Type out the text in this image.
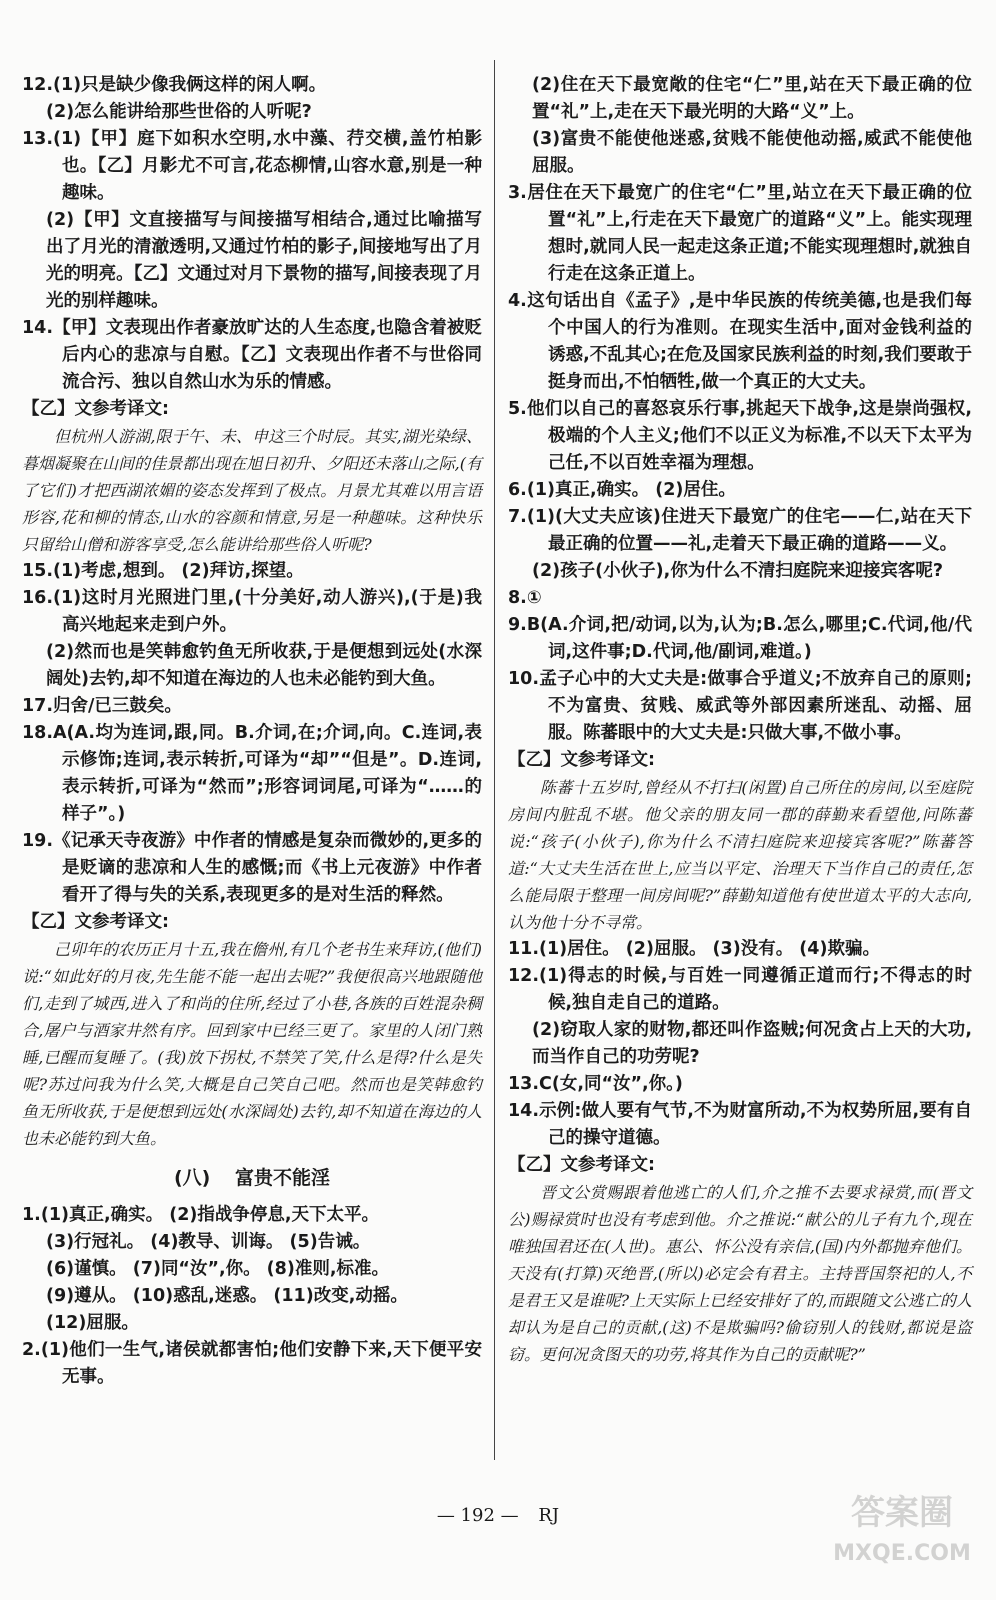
12.(1)只是缺少像我俩这样的闲人啊。

(2)怎么能讲给那些世俗的人听呢?

13.(1)【甲】庭下如积水空明,水中藻、荇交横,盖竹柏影也。【乙】月影尤不可言,花态柳情,山容水意,别是一种趣味。

(2)【甲】文直接描写与间接描写相结合,通过比喻描写出了月光的清澈透明,又通过竹柏的影子,间接地写出了月光的明亮。【乙】文通过对月下景物的描写,间接表现了月光的别样趣味。

14.【甲】文表现出作者豪放旷达的人生态度,也隐含着被贬后内心的悲凉与自慰。【乙】文表现出作者不与世俗同流合污、独以自然山水为乐的情感。

【乙】文参考译文:

但杭州人游湖,限于午、未、申这三个时辰。其实,湖光染绿、暮烟凝聚在山间的佳景都出现在旭日初升、夕阳还未落山之际,(有了它们)才把西湖浓媚的姿态发挥到了极点。月景尤其难以用言语形容,花和柳的情态,山水的容颜和情意,另是一种趣味。这种快乐只留给山僧和游客享受,怎么能讲给那些俗人听呢?

15.(1)考虑,想到。 (2)拜访,探望。

16.(1)这时月光照进门里,(十分美好,动人游兴),(于是)我高兴地起来走到户外。

(2)然而也是笑韩愈钓鱼无所收获,于是便想到远处(水深阔处)去钓,却不知道在海边的人也未必能钓到大鱼。

17.归舍/已三鼓矣。

18.A(A.均为连词,跟,同。B.介词,在;介词,向。C.连词,表示修饰;连词,表示转折,可译为“却”“但是”。D.连词,表示转折,可译为“然而”;形容词词尾,可译为“……的样子”。)

19.《记承天寺夜游》中作者的情感是复杂而微妙的,更多的是贬谪的悲凉和人生的感慨;而《书上元夜游》中作者看开了得与失的关系,表现更多的是对生活的释然。

【乙】文参考译文:

己卯年的农历正月十五,我在儋州,有几个老书生来拜访,(他们)说:“如此好的月夜,先生能不能一起出去呢?”我便很高兴地跟随他们,走到了城西,进入了和尚的住所,经过了小巷,各族的百姓混杂稠合,屠户与酒家井然有序。回到家中已经三更了。家里的人闭门熟睡,已醒而复睡了。(我)放下拐杖,不禁笑了笑,什么是得?什么是失呢?苏过问我为什么笑,大概是自己笑自己吧。然而也是笑韩愈钓鱼无所收获,于是便想到远处(水深阔处)去钓,却不知道在海边的人也未必能钓到大鱼。

(八) 富贵不能淫

1.(1)真正,确实。 (2)指战争停息,天下太平。

(3)行冠礼。 (4)教导、训诲。 (5)告诫。

(6)谨慎。 (7)同“汝”,你。 (8)准则,标准。

(9)遵从。 (10)惑乱,迷惑。 (11)改变,动摇。

(12)屈服。

2.(1)他们一生气,诸侯就都害怕;他们安静下来,天下便平安无事。

(2)住在天下最宽敞的住宅“仁”里,站在天下最正确的位置“礼”上,走在天下最光明的大路“义”上。

(3)富贵不能使他迷惑,贫贱不能使他动摇,威武不能使他屈服。

3.居住在天下最宽广的住宅“仁”里,站立在天下最正确的位置“礼”上,行走在天下最宽广的道路“义”上。能实现理想时,就同人民一起走这条正道;不能实现理想时,就独自行走在这条正道上。

4.这句话出自《孟子》,是中华民族的传统美德,也是我们每个中国人的行为准则。在现实生活中,面对金钱利益的诱惑,不乱其心;在危及国家民族利益的时刻,我们要敢于挺身而出,不怕牺牲,做一个真正的大丈夫。

5.他们以自己的喜怒哀乐行事,挑起天下战争,这是崇尚强权,极端的个人主义;他们不以正义为标准,不以天下太平为己任,不以百姓幸福为理想。

6.(1)真正,确实。 (2)居住。

7.(1)(大丈夫应该)住进天下最宽广的住宅——仁,站在天下最正确的位置——礼,走着天下最正确的道路——义。

(2)孩子(小伙子),你为什么不清扫庭院来迎接宾客呢?

8.①

9.B(A.介词,把/动词,以为,认为;B.怎么,哪里;C.代词,他/代词,这件事;D.代词,他/副词,难道。)

10.孟子心中的大丈夫是:做事合乎道义;不放弃自己的原则;不为富贵、贫贱、威武等外部因素所迷乱、动摇、屈服。陈蕃眼中的大丈夫是:只做大事,不做小事。

【乙】文参考译文:

陈蕃十五岁时,曾经从不打扫(闲置)自己所住的房间,以至庭院房间内脏乱不堪。他父亲的朋友同一郡的薛勤来看望他,问陈蕃说:“孩子(小伙子),你为什么不清扫庭院来迎接宾客呢?”陈蕃答道:“大丈夫生活在世上,应当以平定、治理天下当作自己的责任,怎么能局限于整理一间房间呢?”薛勤知道他有使世道太平的大志向,认为他十分不寻常。

11.(1)居住。 (2)屈服。 (3)没有。 (4)欺骗。

12.(1)得志的时候,与百姓一同遵循正道而行;不得志的时候,独自走自己的道路。

(2)窃取人家的财物,都还叫作盗贼;何况贪占上天的大功,而当作自己的功劳呢?

13.C(女,同“汝”,你。)

14.示例:做人要有气节,不为财富所动,不为权势所屈,要有自己的操守道德。

【乙】文参考译文:

晋文公赏赐跟着他逃亡的人们,介之推不去要求禄赏,而(晋文公)赐禄赏时也没有考虑到他。介之推说:“献公的儿子有九个,现在唯独国君还在(人世)。惠公、怀公没有亲信,(国)内外都抛弃他们。天没有(打算)灭绝晋,(所以)必定会有君主。主持晋国祭祀的人,不是君王又是谁呢?上天实际上已经安排好了的,而跟随文公逃亡的人却认为是自己的贡献,(这)不是欺骗吗?偷窃别人的钱财,都说是盗窃。更何况贪图天的功劳,将其作为自己的贡献呢?”

— 192 — RJ	答案圈
MXQE.COM
